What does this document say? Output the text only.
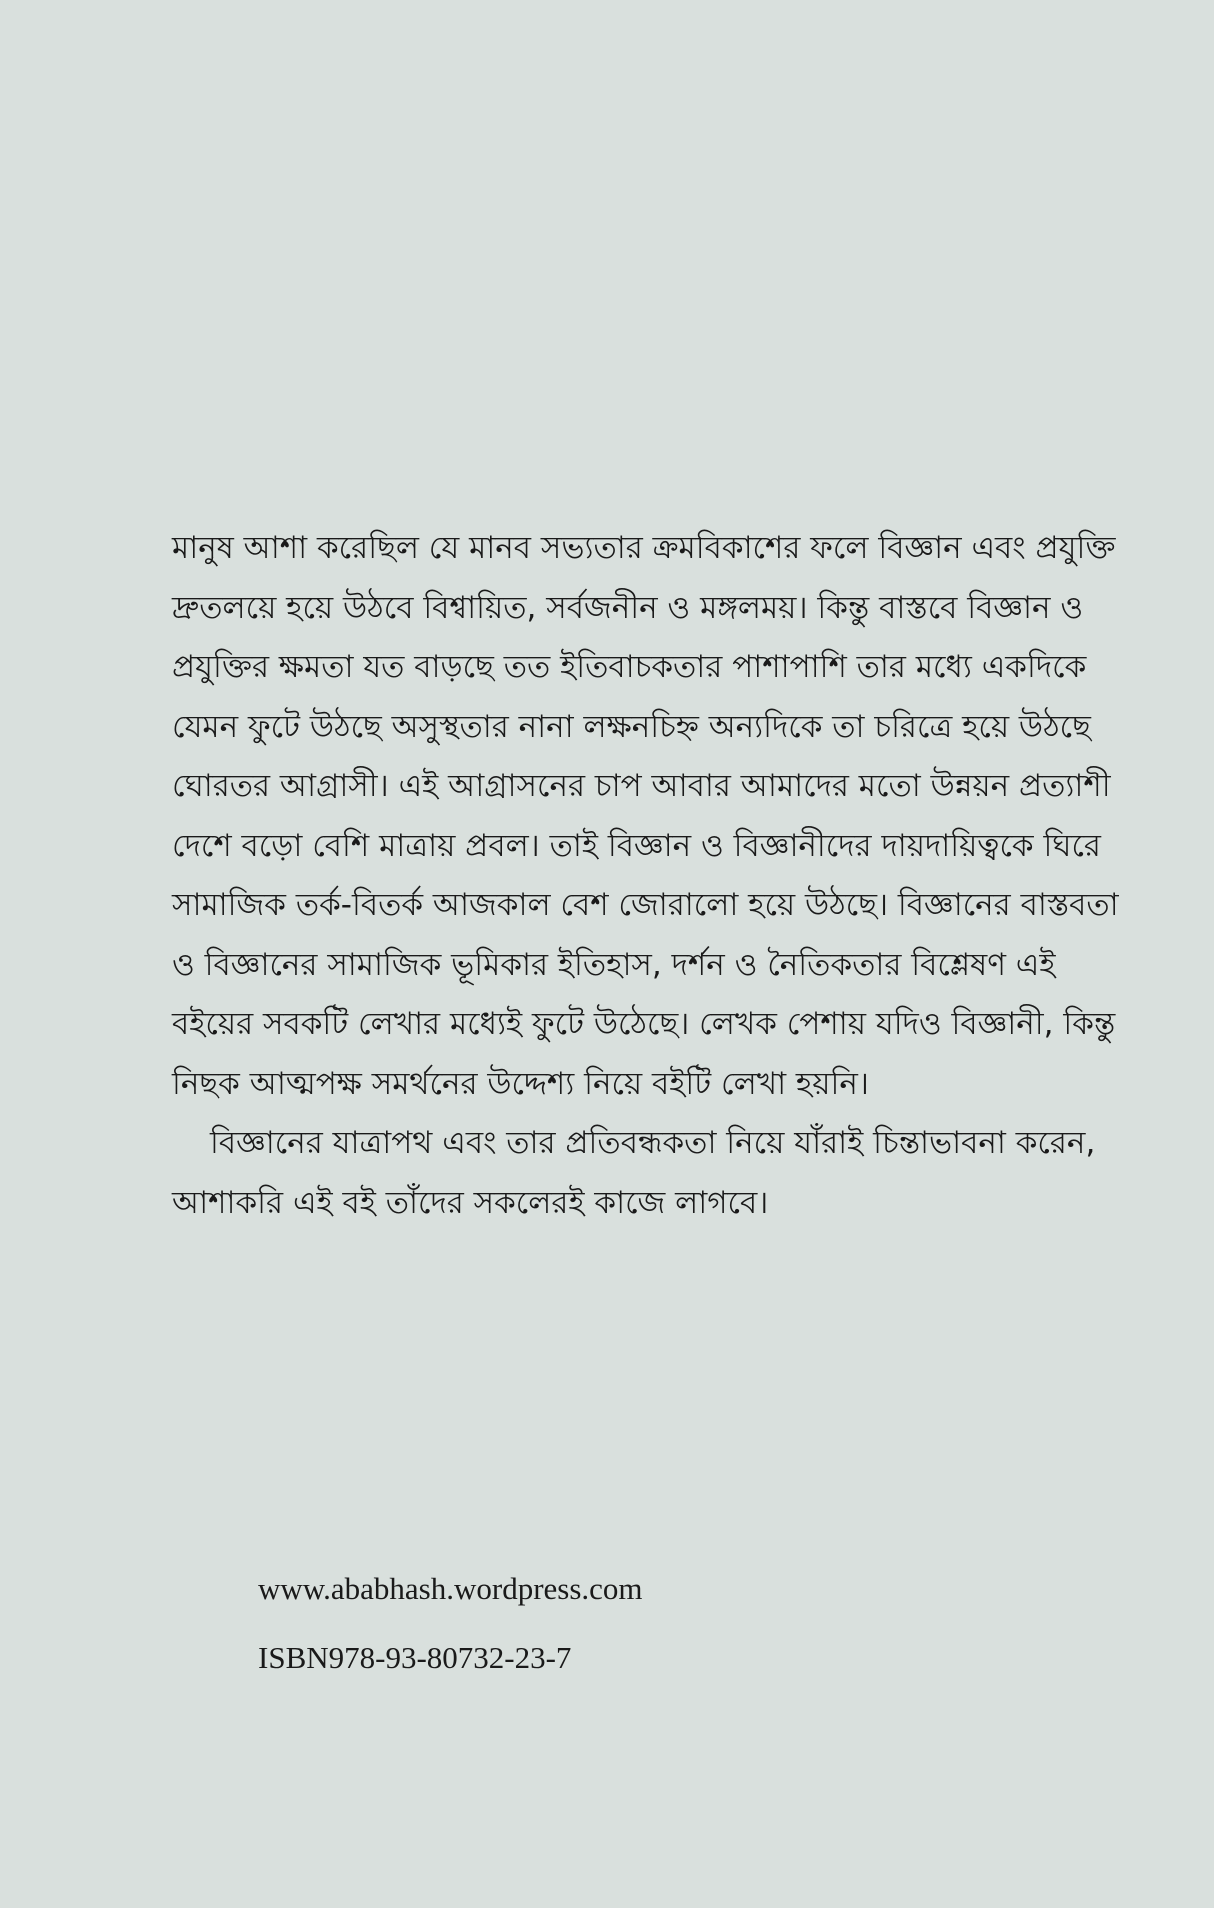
মানুষ আশা করেছিল যে মানব সভ্যতার ক্রমবিকাশের ফলে বিজ্ঞান এবং প্রযুক্তি
দ্রুতলয়ে হয়ে উঠবে বিশ্বায়িত, সর্বজনীন ও মঙ্গলময়। কিন্তু বাস্তবে বিজ্ঞান ও
প্রযুক্তির ক্ষমতা যত বাড়ছে তত ইতিবাচকতার পাশাপাশি তার মধ্যে একদিকে
যেমন ফুটে উঠছে অসুস্থতার নানা লক্ষনচিহ্ন অন্যদিকে তা চরিত্রে হয়ে উঠছে
ঘোরতর আগ্রাসী। এই আগ্রাসনের চাপ আবার আমাদের মতো উন্নয়ন প্রত্যাশী
দেশে বড়ো বেশি মাত্রায় প্রবল। তাই বিজ্ঞান ও বিজ্ঞানীদের দায়দায়িত্বকে ঘিরে
সামাজিক তর্ক-বিতর্ক আজকাল বেশ জোরালো হয়ে উঠছে। বিজ্ঞানের বাস্তবতা
ও বিজ্ঞানের সামাজিক ভূমিকার ইতিহাস, দর্শন ও নৈতিকতার বিশ্লেষণ এই
বইয়ের সবকটি লেখার মধ্যেই ফুটে উঠেছে। লেখক পেশায় যদিও বিজ্ঞানী, কিন্তু
নিছক আত্মপক্ষ সমর্থনের উদ্দেশ্য নিয়ে বইটি লেখা হয়নি।
বিজ্ঞানের যাত্রাপথ এবং তার প্রতিবন্ধকতা নিয়ে যাঁরাই চিন্তাভাবনা করেন,
আশাকরি এই বই তাঁদের সকলেরই কাজে লাগবে।
www.ababhash.wordpress.com
ISBN978-93-80732-23-7
